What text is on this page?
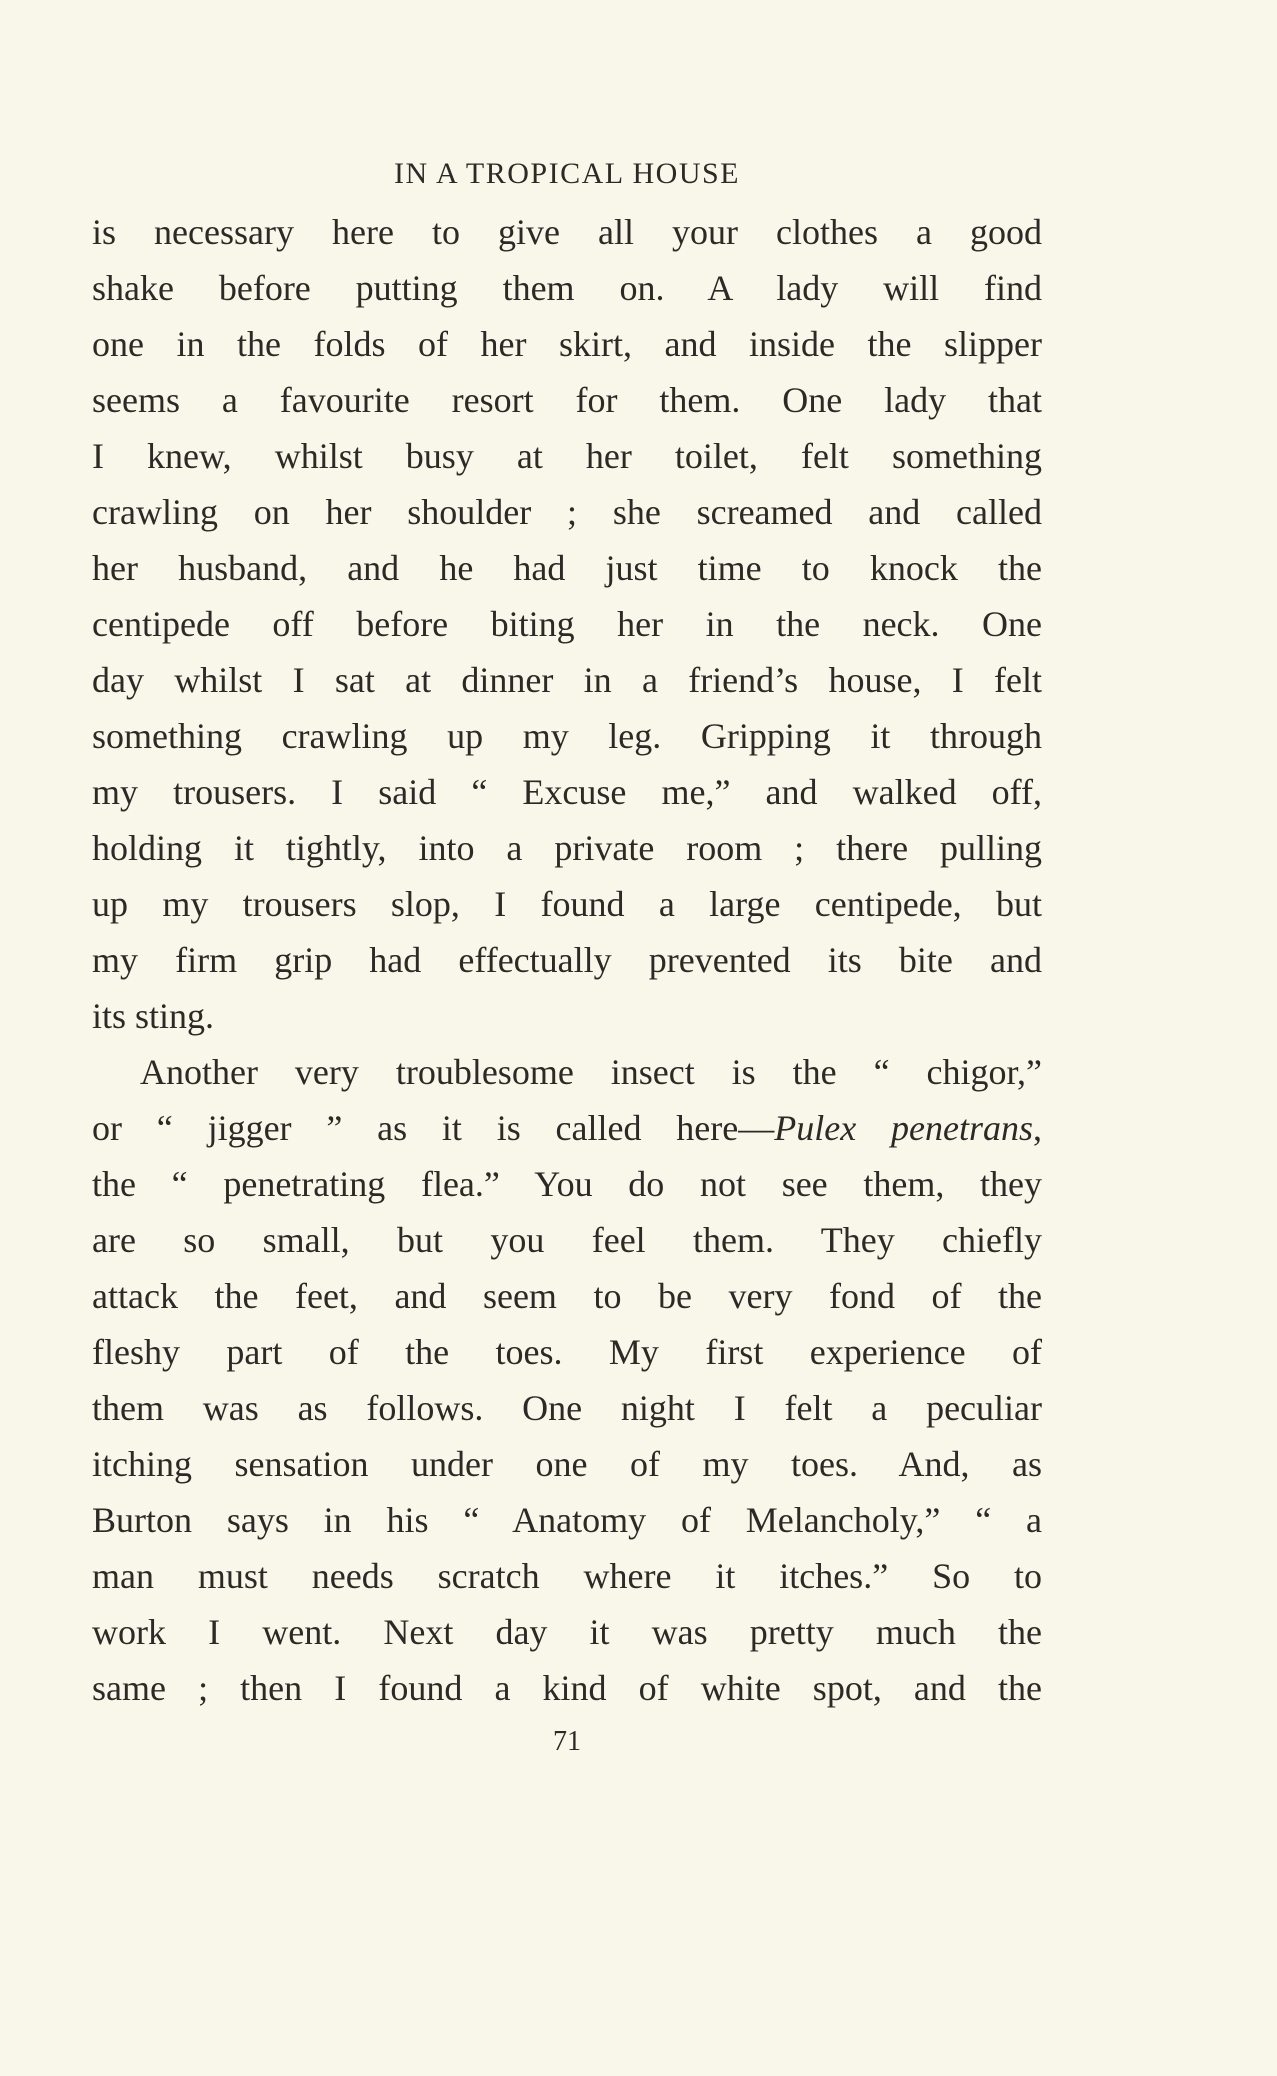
IN A TROPICAL HOUSE
is necessary here to give all your clothes a good
shake before putting them on. A lady will find
one in the folds of her skirt, and inside the slipper
seems a favourite resort for them. One lady that
I knew, whilst busy at her toilet, felt something
crawling on her shoulder ; she screamed and called
her husband, and he had just time to knock the
centipede off before biting her in the neck. One
day whilst I sat at dinner in a friend’s house, I felt
something crawling up my leg. Gripping it through
my trousers. I said “ Excuse me,” and walked off,
holding it tightly, into a private room ; there pulling
up my trousers slop, I found a large centipede, but
my firm grip had effectually prevented its bite and
its sting.
Another very troublesome insect is the “ chigor,”
or “ jigger ” as it is called here—Pulex penetrans,
the “ penetrating flea.” You do not see them, they
are so small, but you feel them. They chiefly
attack the feet, and seem to be very fond of the
fleshy part of the toes. My first experience of
them was as follows. One night I felt a peculiar
itching sensation under one of my toes. And, as
Burton says in his “ Anatomy of Melancholy,” “ a
man must needs scratch where it itches.” So to
work I went. Next day it was pretty much the
same ; then I found a kind of white spot, and the
71
